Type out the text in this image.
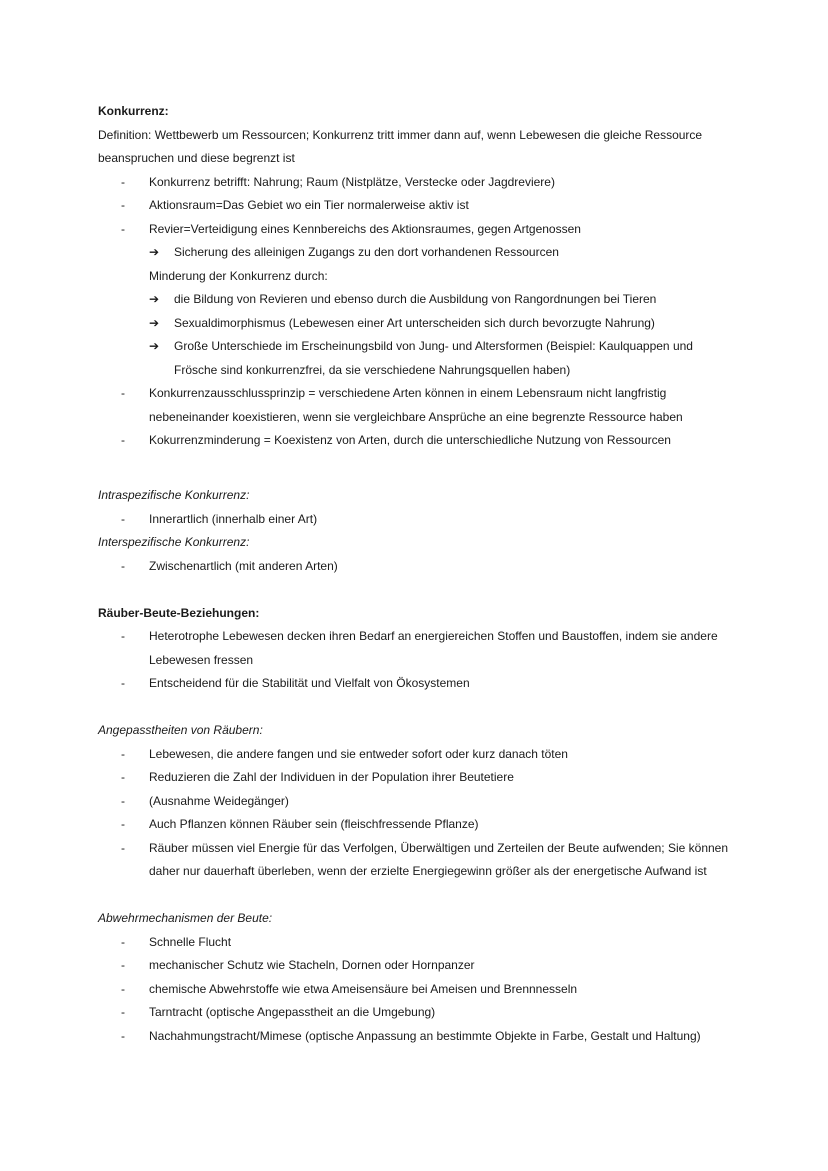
Konkurrenz:

Definition: Wettbewerb um Ressourcen; Konkurrenz tritt immer dann auf, wenn Lebewesen die gleiche Ressource beanspruchen und diese begrenzt ist

- Konkurrenz betrifft: Nahrung; Raum (Nistplätze, Verstecke oder Jagdreviere)
- Aktionsraum=Das Gebiet wo ein Tier normalerweise aktiv ist
- Revier=Verteidigung eines Kennbereichs des Aktionsraumes, gegen Artgenossen
➔ Sicherung des alleinigen Zugangs zu den dort vorhandenen Ressourcen
Minderung der Konkurrenz durch:
➔ die Bildung von Revieren und ebenso durch die Ausbildung von Rangordnungen bei Tieren
➔ Sexualdimorphismus (Lebewesen einer Art unterscheiden sich durch bevorzugte Nahrung)
➔ Große Unterschiede im Erscheinungsbild von Jung- und Altersformen (Beispiel: Kaulquappen und Frösche sind konkurrenzfrei, da sie verschiedene Nahrungsquellen haben)
- Konkurrenzausschlussprinzip = verschiedene Arten können in einem Lebensraum nicht langfristig nebeneinander koexistieren, wenn sie vergleichbare Ansprüche an eine begrenzte Ressource haben
- Kokurrenzminderung = Koexistenz von Arten, durch die unterschiedliche Nutzung von Ressourcen
Intraspezifische Konkurrenz:
- Innerartlich (innerhalb einer Art)
Interspezifische Konkurrenz:
- Zwischenartlich (mit anderen Arten)
Räuber-Beute-Beziehungen:
- Heterotrophe Lebewesen decken ihren Bedarf an energiereichen Stoffen und Baustoffen, indem sie andere Lebewesen fressen
- Entscheidend für die Stabilität und Vielfalt von Ökosystemen
Angepasstheiten von Räubern:
- Lebewesen, die andere fangen und sie entweder sofort oder kurz danach töten
- Reduzieren die Zahl der Individuen in der Population ihrer Beutetiere
- (Ausnahme Weidegänger)
- Auch Pflanzen können Räuber sein (fleischfressende Pflanze)
- Räuber müssen viel Energie für das Verfolgen, Überwältigen und Zerteilen der Beute aufwenden; Sie können daher nur dauerhaft überleben, wenn der erzielte Energiegewinn größer als der energetische Aufwand ist
Abwehrmechanismen der Beute:
- Schnelle Flucht
- mechanischer Schutz wie Stacheln, Dornen oder Hornpanzer
- chemische Abwehrstoffe wie etwa Ameisensäure bei Ameisen und Brennnesseln
- Tarntracht (optische Angepasstheit an die Umgebung)
- Nachahmungstracht/Mimese (optische Anpassung an bestimmte Objekte in Farbe, Gestalt und Haltung)
